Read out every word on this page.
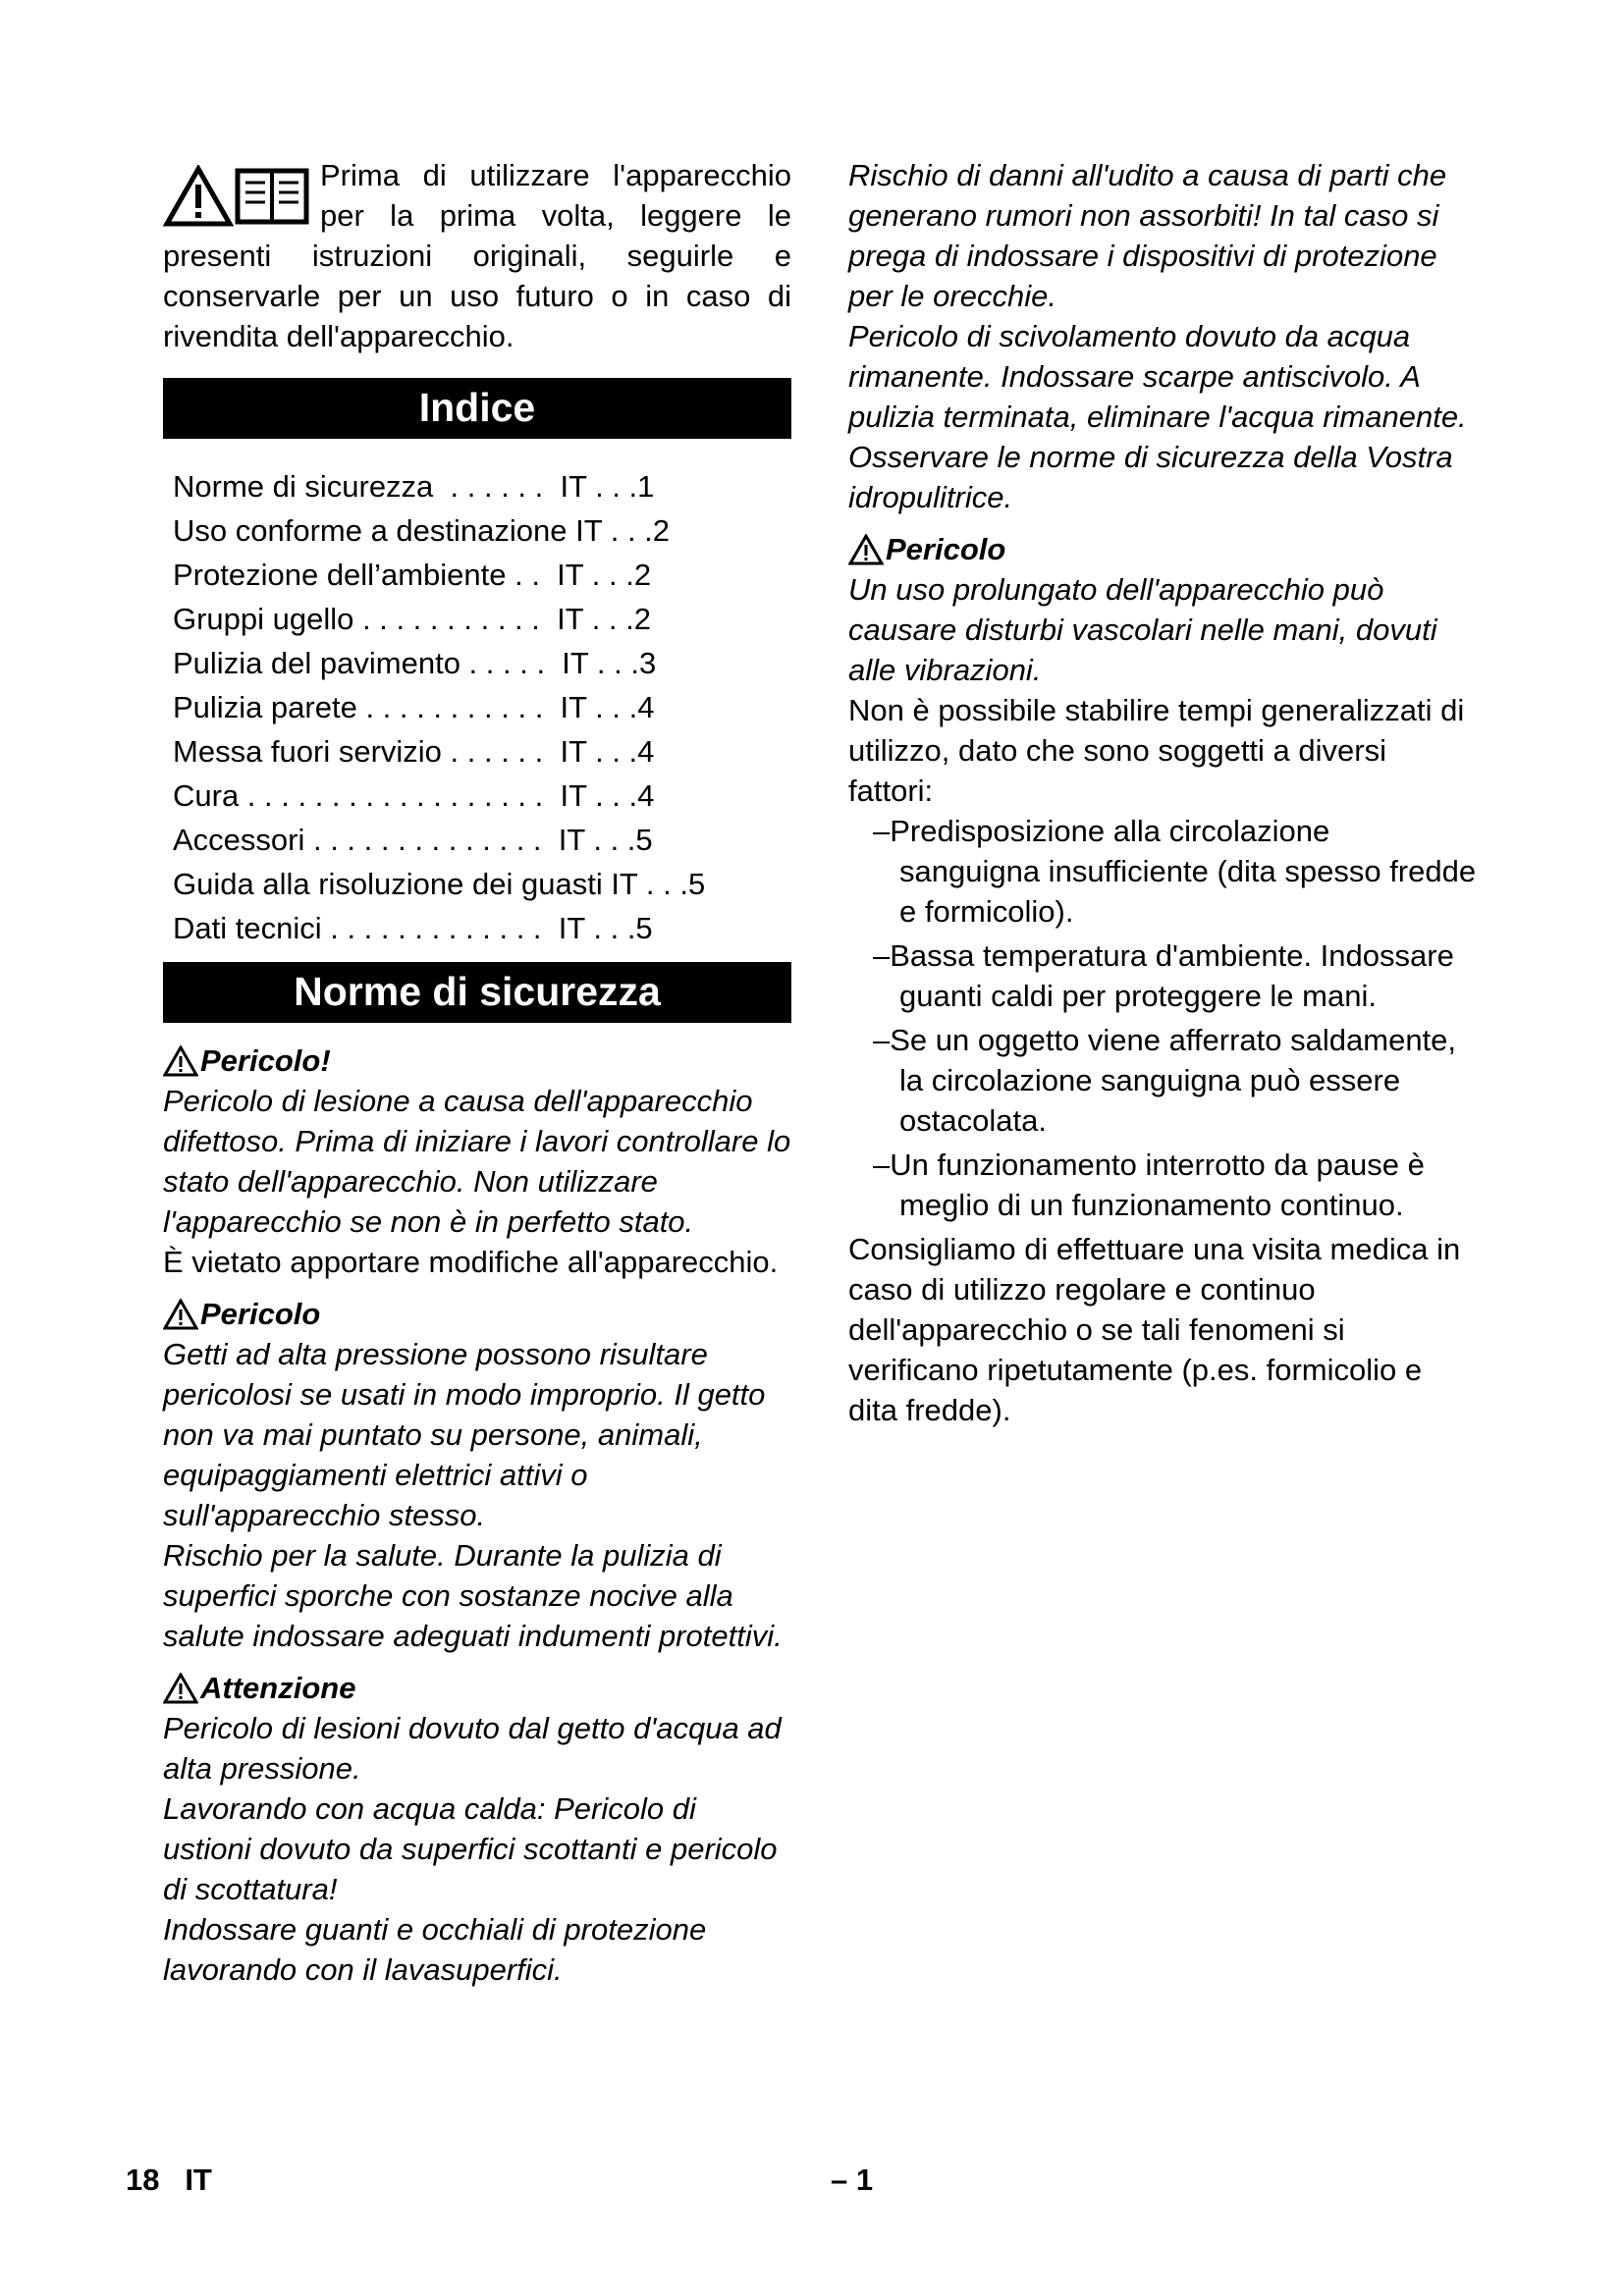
Prima di utilizzare l'apparecchio per la prima volta, leggere le presenti istruzioni originali, seguirle e conservarle per un uso futuro o in caso di rivendita dell'apparecchio.

Indice
Norme di sicurezza  . . . . . .  IT . . .1
Uso conforme a destinazione IT . . .2
Protezione dell’ambiente . .  IT . . .2
Gruppi ugello . . . . . . . . . . .  IT . . .2
Pulizia del pavimento . . . . .  IT . . .3
Pulizia parete . . . . . . . . . . .  IT . . .4
Messa fuori servizio . . . . . .  IT . . .4
Cura . . . . . . . . . . . . . . . . . .  IT . . .4
Accessori . . . . . . . . . . . . . .  IT . . .5
Guida alla risoluzione dei guasti IT . . .5
Dati tecnici . . . . . . . . . . . . .  IT . . .5
Norme di sicurezza
Pericolo!

Pericolo di lesione a causa dell'apparecchio difettoso. Prima di iniziare i lavori controllare lo stato dell'apparecchio. Non utilizzare l'apparecchio se non è in perfetto stato.

È vietato apportare modifiche all'apparecchio.

Pericolo

Getti ad alta pressione possono risultare pericolosi se usati in modo improprio. Il getto non va mai puntato su persone, animali, equipaggiamenti elettrici attivi o sull'apparecchio stesso.

Rischio per la salute. Durante la pulizia di superfici sporche con sostanze nocive alla salute indossare adeguati indumenti protettivi.

Attenzione

Pericolo di lesioni dovuto dal getto d'acqua ad alta pressione.

Lavorando con acqua calda: Pericolo di ustioni dovuto da superfici scottanti e pericolo di scottatura!

Indossare guanti e occhiali di protezione lavorando con il lavasuperfici.

Rischio di danni all'udito a causa di parti che generano rumori non assorbiti! In tal caso si prega di indossare i dispositivi di protezione per le orecchie.

Pericolo di scivolamento dovuto da acqua rimanente. Indossare scarpe antiscivolo. A pulizia terminata, eliminare l'acqua rimanente.

Osservare le norme di sicurezza della Vostra idropulitrice.

Pericolo

Un uso prolungato dell'apparecchio può causare disturbi vascolari nelle mani, dovuti alle vibrazioni.

Non è possibile stabilire tempi generalizzati di utilizzo, dato che sono soggetti a diversi fattori:

– Predisposizione alla circolazione sanguigna insufficiente (dita spesso fredde e formicolio).
– Bassa temperatura d'ambiente. Indossare guanti caldi per proteggere le mani.
– Se un oggetto viene afferrato saldamente, la circolazione sanguigna può essere ostacolata.
– Un funzionamento interrotto da pause è meglio di un funzionamento continuo.

Consigliamo di effettuare una visita medica in caso di utilizzo regolare e continuo dell'apparecchio o se tali fenomeni si verificano ripetutamente (p.es. formicolio e dita fredde).

18   IT	– 1
